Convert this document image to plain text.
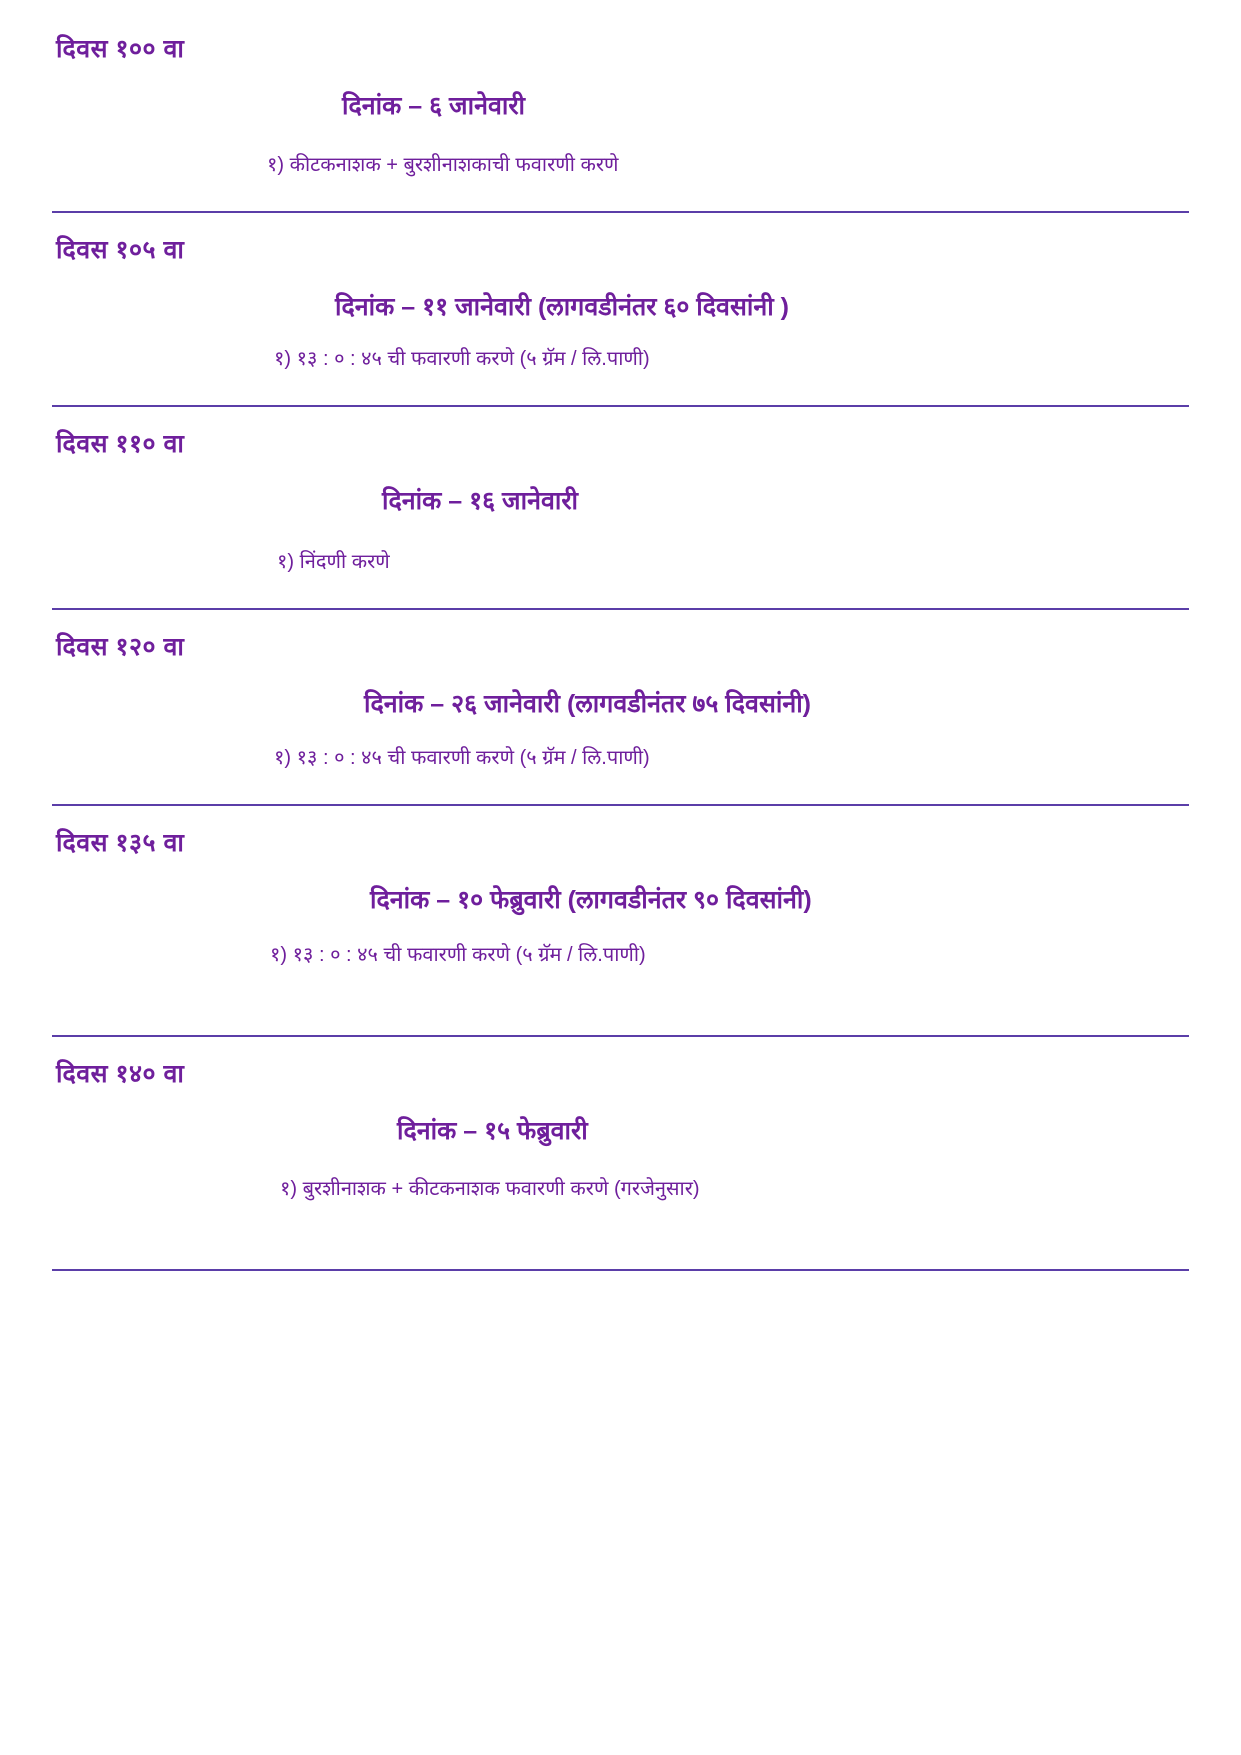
दिवस १०० वा
दिनांक – ६ जानेवारी
१) कीटकनाशक + बुरशीनाशकाची फवारणी करणे
दिवस १०५ वा
दिनांक – ११ जानेवारी (लागवडीनंतर ६० दिवसांनी )
१) १३ : ० : ४५ ची फवारणी करणे (५ ग्रॅम / लि.पाणी)
दिवस ११० वा
दिनांक – १६ जानेवारी
१) निंदणी करणे
दिवस १२० वा
दिनांक – २६ जानेवारी (लागवडीनंतर ७५ दिवसांनी)
१) १३ : ० : ४५ ची फवारणी करणे (५ ग्रॅम / लि.पाणी)
दिवस १३५ वा
दिनांक – १० फेब्रुवारी (लागवडीनंतर ९० दिवसांनी)
१) १३ : ० : ४५ ची फवारणी करणे (५ ग्रॅम / लि.पाणी)
दिवस १४० वा
दिनांक – १५ फेब्रुवारी
१) बुरशीनाशक + कीटकनाशक फवारणी करणे (गरजेनुसार)
